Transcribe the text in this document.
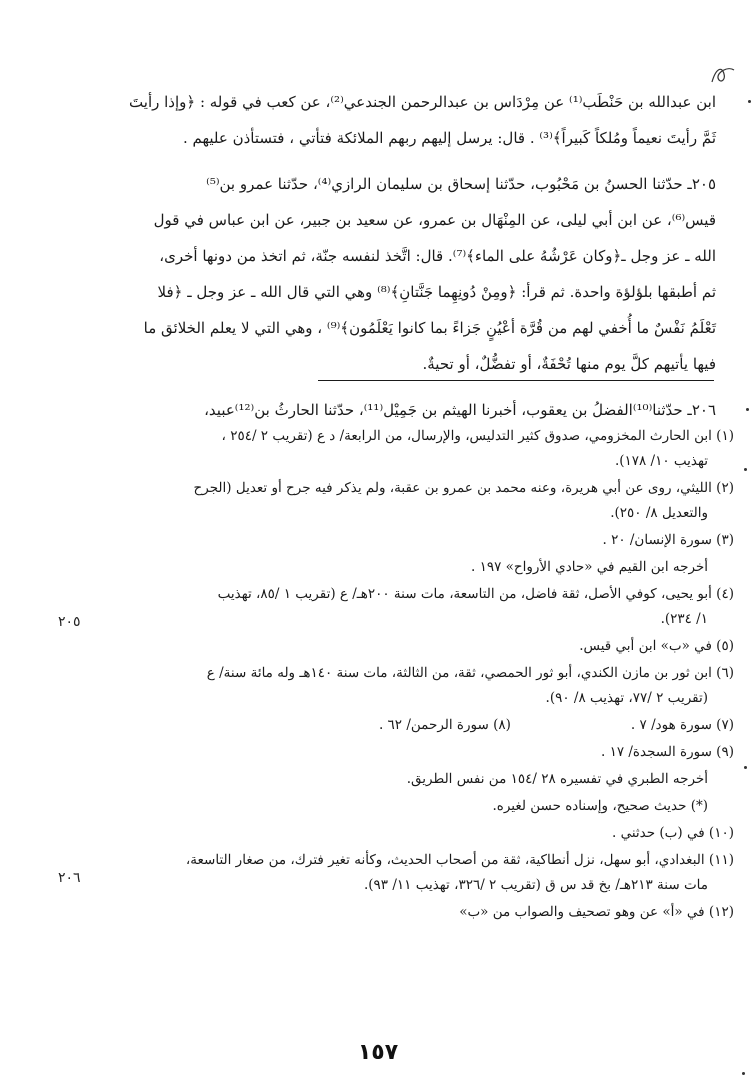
ابن عبدالله بن حَنْطَب⁽¹⁾ عن مِرْدَاس بن عبدالرحمن الجندعي⁽²⁾، عن كعب في قوله : ﴿وإذا رأيتَ

ثَمَّ رأيتَ نعيماً ومُلكاً كَبيراً﴾⁽³⁾ . قال: يرسل إليهم ربهم الملائكة فتأتي ، فتستأذن عليهم .

٢٠٥ـ حدّثنا الحسنُ بن مَحْبُوب، حدّثنا إسحاق بن سليمان الرازي⁽⁴⁾، حدّثنا عمرو بن⁽⁵⁾

قيس⁽⁶⁾، عن ابن أبي ليلى، عن المِنْهَال بن عمرو، عن سعيد بن جبير، عن ابن عباس في قول

الله ـ عز وجل ـ﴿وكان عَرْشُهُ على الماء﴾⁽⁷⁾. قال: اتَّخذ لنفسه جنّة، ثم اتخذ من دونها أخرى،

ثم أطبقها بلؤلؤة واحدة. ثم قرأ: ﴿ومِنْ دُونِهِما جَنَّتانِ﴾⁽⁸⁾ وهي التي قال الله ـ عز وجل ـ ﴿فلا

تَعْلَمُ نَفْسٌ ما أُخفي لهم من قُرَّة أعْيُنٍ جَزاءً بما كانوا يَعْلَمُون﴾⁽⁹⁾ ، وهي التي لا يعلم الخلائق ما

فيها يأتيهم كلَّ يوم منها تُحْفَةٌ، أو تفضُّلٌ، أو تحيةٌ.

٢٠٦ـ حدّثنا⁽¹⁰⁾الفضلُ بن يعقوب، أخبرنا الهيثم بن جَمِيْل⁽¹¹⁾، حدّثنا الحارثُ بن⁽¹²⁾عبيد،

(١) ابن الحارث المخزومي، صدوق كثير التدليس، والإرسال، من الرابعة/ د ع (تقريب ٢ /٢٥٤ ،
تهذيب ١٠/ ١٧٨).

(٢) الليثي، روى عن أبي هريرة، وعنه محمد بن عمرو بن عقبة، ولم يذكر فيه جرح أو تعديل (الجرح
والتعديل ٨/ ٢٥٠).

(٣) سورة الإنسان/ ٢٠ .

أخرجه ابن القيم في «حادي الأرواح» ١٩٧ .

(٤) أبو يحيى، كوفي الأصل، ثقة فاضل، من التاسعة، مات سنة ٢٠٠هـ/ ع (تقريب ١ /٨٥، تهذيب
١/ ٢٣٤).

(٥) في «ب» ابن أبي قيس.

(٦) ابن ثور بن مازن الكندي، أبو ثور الحمصي، ثقة، من الثالثة، مات سنة ١٤٠هـ وله مائة سنة/ ع
(تقريب ٢ /٧٧، تهذيب ٨/ ٩٠).

(٧) سورة هود/ ٧ .
(٨) سورة الرحمن/ ٦٢ .

(٩) سورة السجدة/ ١٧ .

أخرجه الطبري في تفسيره ٢٨ /١٥٤ من نفس الطريق.

(*) حديث صحيح، وإسناده حسن لغيره.

(١٠) في (ب) حدثني .

(١١) البغدادي، أبو سهل، نزل أنطاكية، ثقة من أصحاب الحديث، وكأنه تغير فترك، من صغار التاسعة،
مات سنة ٢١٣هـ/ بخ قد س ق (تقريب ٢ /٣٢٦، تهذيب ١١/ ٩٣).

(١٢) في «أ» عن وهو تصحيف والصواب من «ب»

٢٠٥
٢٠٦
١٥٧
